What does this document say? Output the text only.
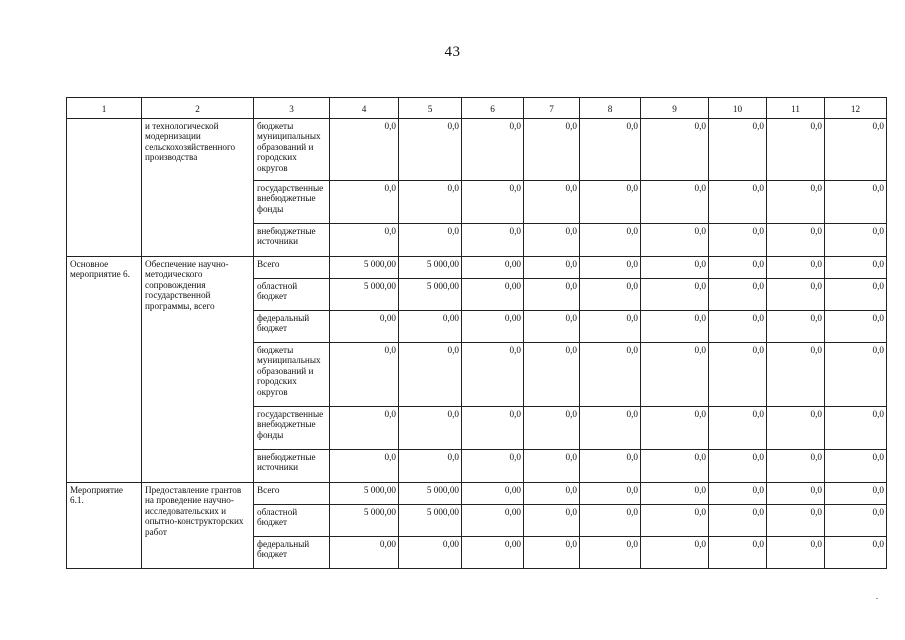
43
1	2	3	4	5	6	7	8	9	10	11	12
	и технологической модернизации сельскохозяйственного производства	бюджеты муниципальных образований и городских округов	0,0	0,0	0,0	0,0	0,0	0,0	0,0	0,0	0,0
		государственные внебюджетные фонды	0,0	0,0	0,0	0,0	0,0	0,0	0,0	0,0	0,0
		внебюджетные источники	0,0	0,0	0,0	0,0	0,0	0,0	0,0	0,0	0,0
Основное мероприятие 6.	Обеспечение научно-методического сопровождения государственной программы, всего	Всего	5 000,00	5 000,00	0,00	0,0	0,0	0,0	0,0	0,0	0,0
		областной бюджет	5 000,00	5 000,00	0,00	0,0	0,0	0,0	0,0	0,0	0,0
		федеральный бюджет	0,00	0,00	0,00	0,0	0,0	0,0	0,0	0,0	0,0
		бюджеты муниципальных образований и городских округов	0,0	0,0	0,0	0,0	0,0	0,0	0,0	0,0	0,0
		государственные внебюджетные фонды	0,0	0,0	0,0	0,0	0,0	0,0	0,0	0,0	0,0
		внебюджетные источники	0,0	0,0	0,0	0,0	0,0	0,0	0,0	0,0	0,0
Мероприятие 6.1.	Предоставление грантов на проведение научно-исследовательских и опытно-конструкторских работ	Всего	5 000,00	5 000,00	0,00	0,0	0,0	0,0	0,0	0,0	0,0
		областной бюджет	5 000,00	5 000,00	0,00	0,0	0,0	0,0	0,0	0,0	0,0
		федеральный бюджет	0,00	0,00	0,00	0,0	0,0	0,0	0,0	0,0	0,0
